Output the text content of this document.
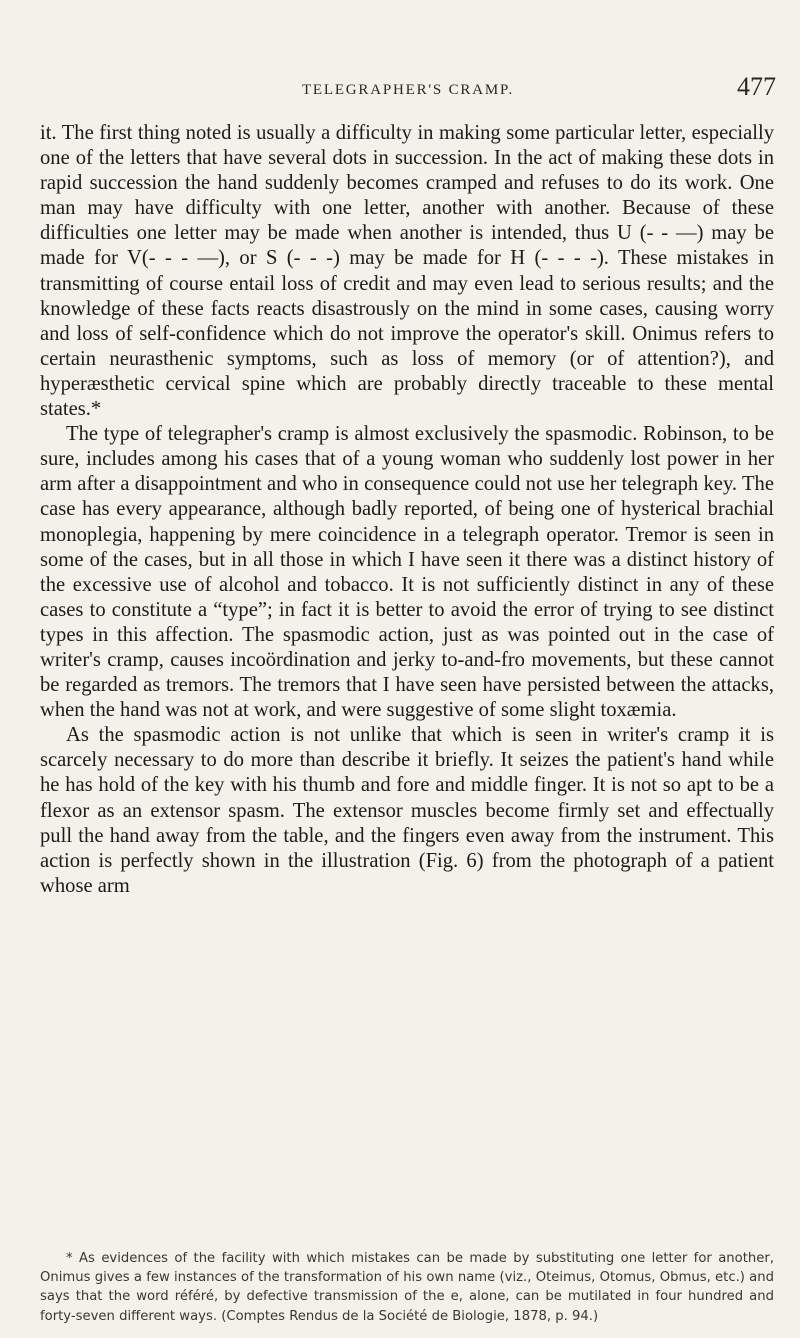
TELEGRAPHER'S CRAMP.	477

it. The first thing noted is usually a difficulty in making some particular letter, especially one of the letters that have several dots in succession. In the act of making these dots in rapid succession the hand suddenly becomes cramped and refuses to do its work. One man may have difficulty with one letter, another with another. Because of these difficulties one letter may be made when another is intended, thus U (- - —) may be made for V(- - - —), or S (- - -) may be made for H (- - - -). These mistakes in transmitting of course entail loss of credit and may even lead to serious results; and the knowledge of these facts reacts disastrously on the mind in some cases, causing worry and loss of self-confidence which do not improve the operator's skill. Onimus refers to certain neurasthenic symptoms, such as loss of memory (or of attention?), and hyperæsthetic cervical spine which are probably directly traceable to these mental states.*

The type of telegrapher's cramp is almost exclusively the spasmodic. Robinson, to be sure, includes among his cases that of a young woman who suddenly lost power in her arm after a disappointment and who in consequence could not use her telegraph key. The case has every appearance, although badly reported, of being one of hysterical brachial monoplegia, happening by mere coincidence in a telegraph operator. Tremor is seen in some of the cases, but in all those in which I have seen it there was a distinct history of the excessive use of alcohol and tobacco. It is not sufficiently distinct in any of these cases to constitute a “type”; in fact it is better to avoid the error of trying to see distinct types in this affection. The spasmodic action, just as was pointed out in the case of writer's cramp, causes incoördination and jerky to-and-fro movements, but these cannot be regarded as tremors. The tremors that I have seen have persisted between the attacks, when the hand was not at work, and were suggestive of some slight toxæmia.

As the spasmodic action is not unlike that which is seen in writer's cramp it is scarcely necessary to do more than describe it briefly. It seizes the patient's hand while he has hold of the key with his thumb and fore and middle finger. It is not so apt to be a flexor as an extensor spasm. The extensor muscles become firmly set and effectually pull the hand away from the table, and the fingers even away from the instrument. This action is perfectly shown in the illustration (Fig. 6) from the photograph of a patient whose arm

* As evidences of the facility with which mistakes can be made by substituting one letter for another, Onimus gives a few instances of the transformation of his own name (viz., Oteimus, Otomus, Obmus, etc.) and says that the word référé, by defective transmission of the e, alone, can be mutilated in four hundred and forty-seven different ways. (Comptes Rendus de la Société de Biologie, 1878, p. 94.)
